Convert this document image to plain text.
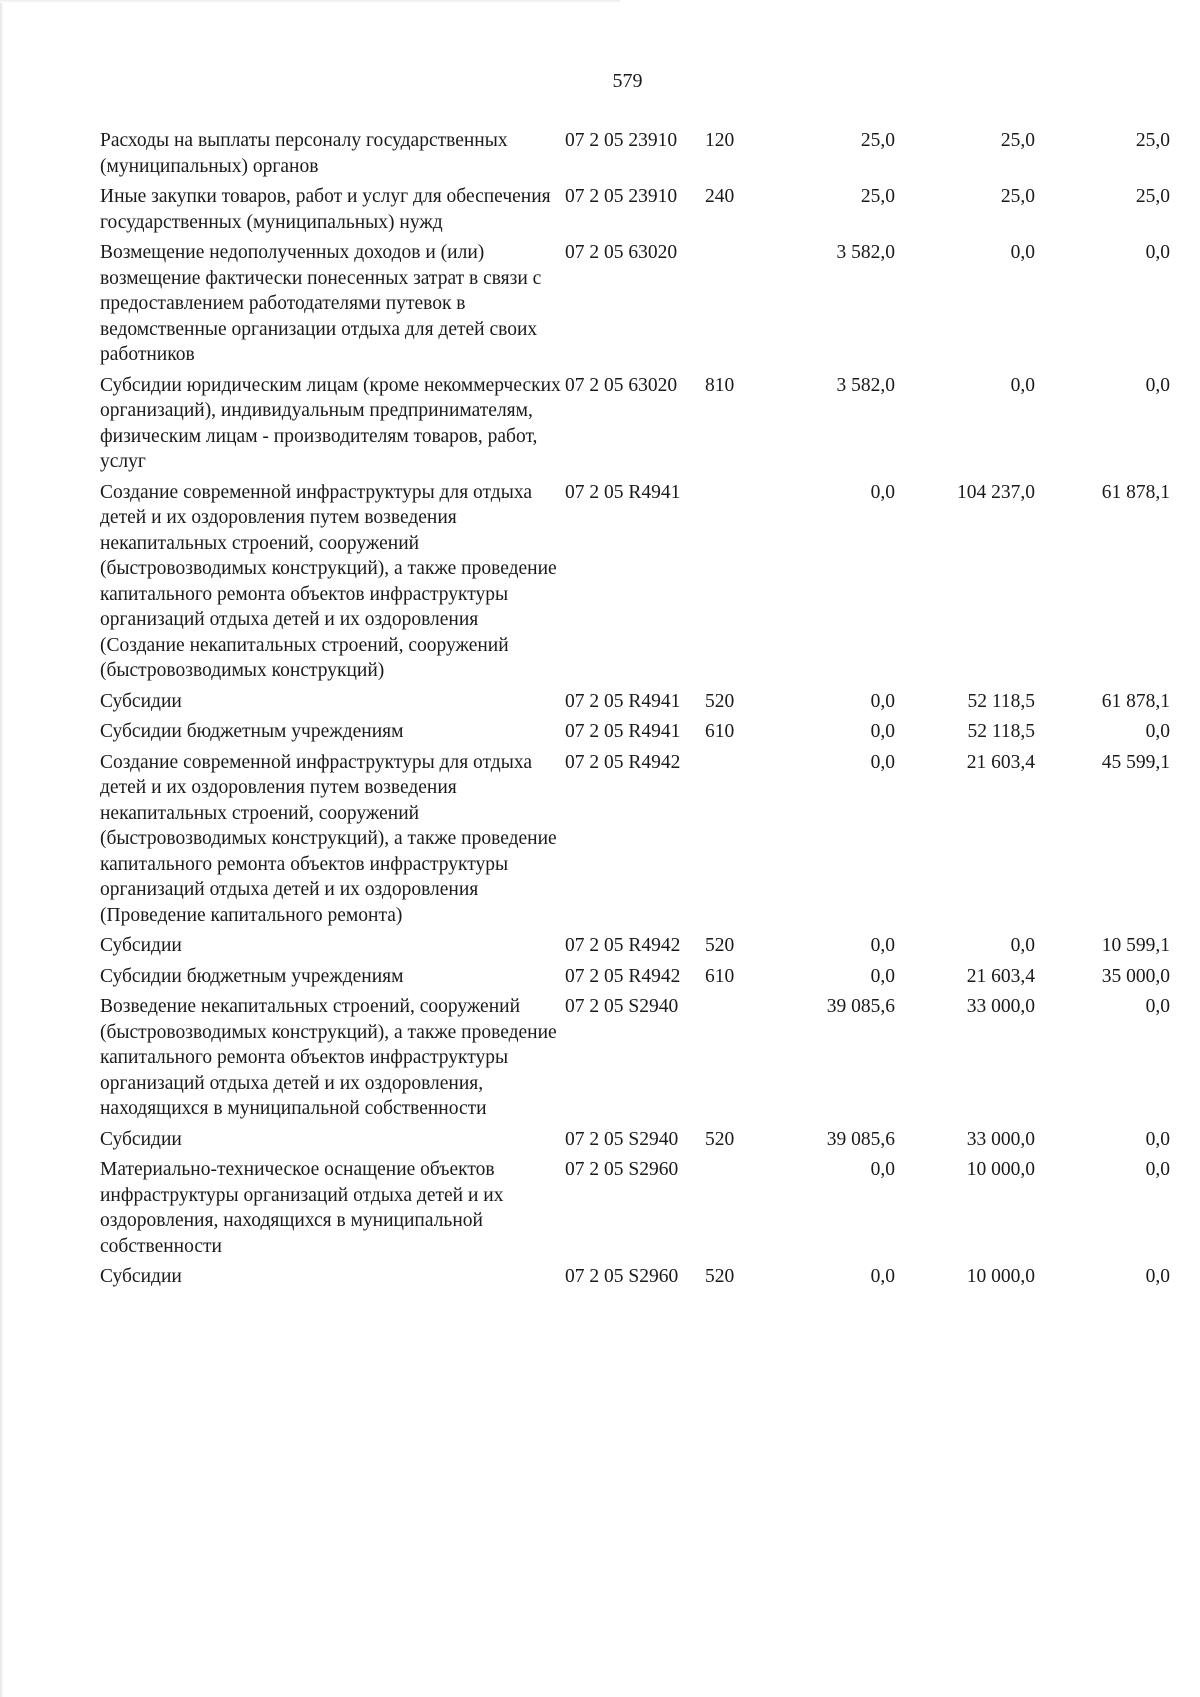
579
Расходы на выплаты персоналу государственных (муниципальных) органов	07 2 05 23910	120	25,0	25,0	25,0
Иные закупки товаров, работ и услуг для обеспечения государственных (муниципальных) нужд	07 2 05 23910	240	25,0	25,0	25,0
Возмещение недополученных доходов и (или) возмещение фактически понесенных затрат в связи с предоставлением работодателями путевок в ведомственные организации отдыха для детей своих работников	07 2 05 63020		3 582,0	0,0	0,0
Субсидии юридическим лицам (кроме некоммерческих организаций), индивидуальным предпринимателям, физическим лицам - производителям товаров, работ, услуг	07 2 05 63020	810	3 582,0	0,0	0,0
Создание современной инфраструктуры для отдыха детей и их оздоровления путем возведения некапитальных строений, сооружений (быстровозводимых конструкций), а также проведение капитального ремонта объектов инфраструктуры организаций отдыха детей и их оздоровления (Создание некапитальных строений, сооружений (быстровозводимых конструкций)	07 2 05 R4941		0,0	104 237,0	61 878,1
Субсидии	07 2 05 R4941	520	0,0	52 118,5	61 878,1
Субсидии бюджетным учреждениям	07 2 05 R4941	610	0,0	52 118,5	0,0
Создание современной инфраструктуры для отдыха детей и их оздоровления путем возведения некапитальных строений, сооружений (быстровозводимых конструкций), а также проведение капитального ремонта объектов инфраструктуры организаций отдыха детей и их оздоровления (Проведение капитального ремонта)	07 2 05 R4942		0,0	21 603,4	45 599,1
Субсидии	07 2 05 R4942	520	0,0	0,0	10 599,1
Субсидии бюджетным учреждениям	07 2 05 R4942	610	0,0	21 603,4	35 000,0
Возведение некапитальных строений, сооружений (быстровозводимых конструкций), а также проведение капитального ремонта объектов инфраструктуры организаций отдыха детей и их оздоровления, находящихся в муниципальной собственности	07 2 05 S2940		39 085,6	33 000,0	0,0
Субсидии	07 2 05 S2940	520	39 085,6	33 000,0	0,0
Материально-техническое оснащение объектов инфраструктуры организаций отдыха детей и их оздоровления, находящихся в муниципальной собственности	07 2 05 S2960		0,0	10 000,0	0,0
Субсидии	07 2 05 S2960	520	0,0	10 000,0	0,0
